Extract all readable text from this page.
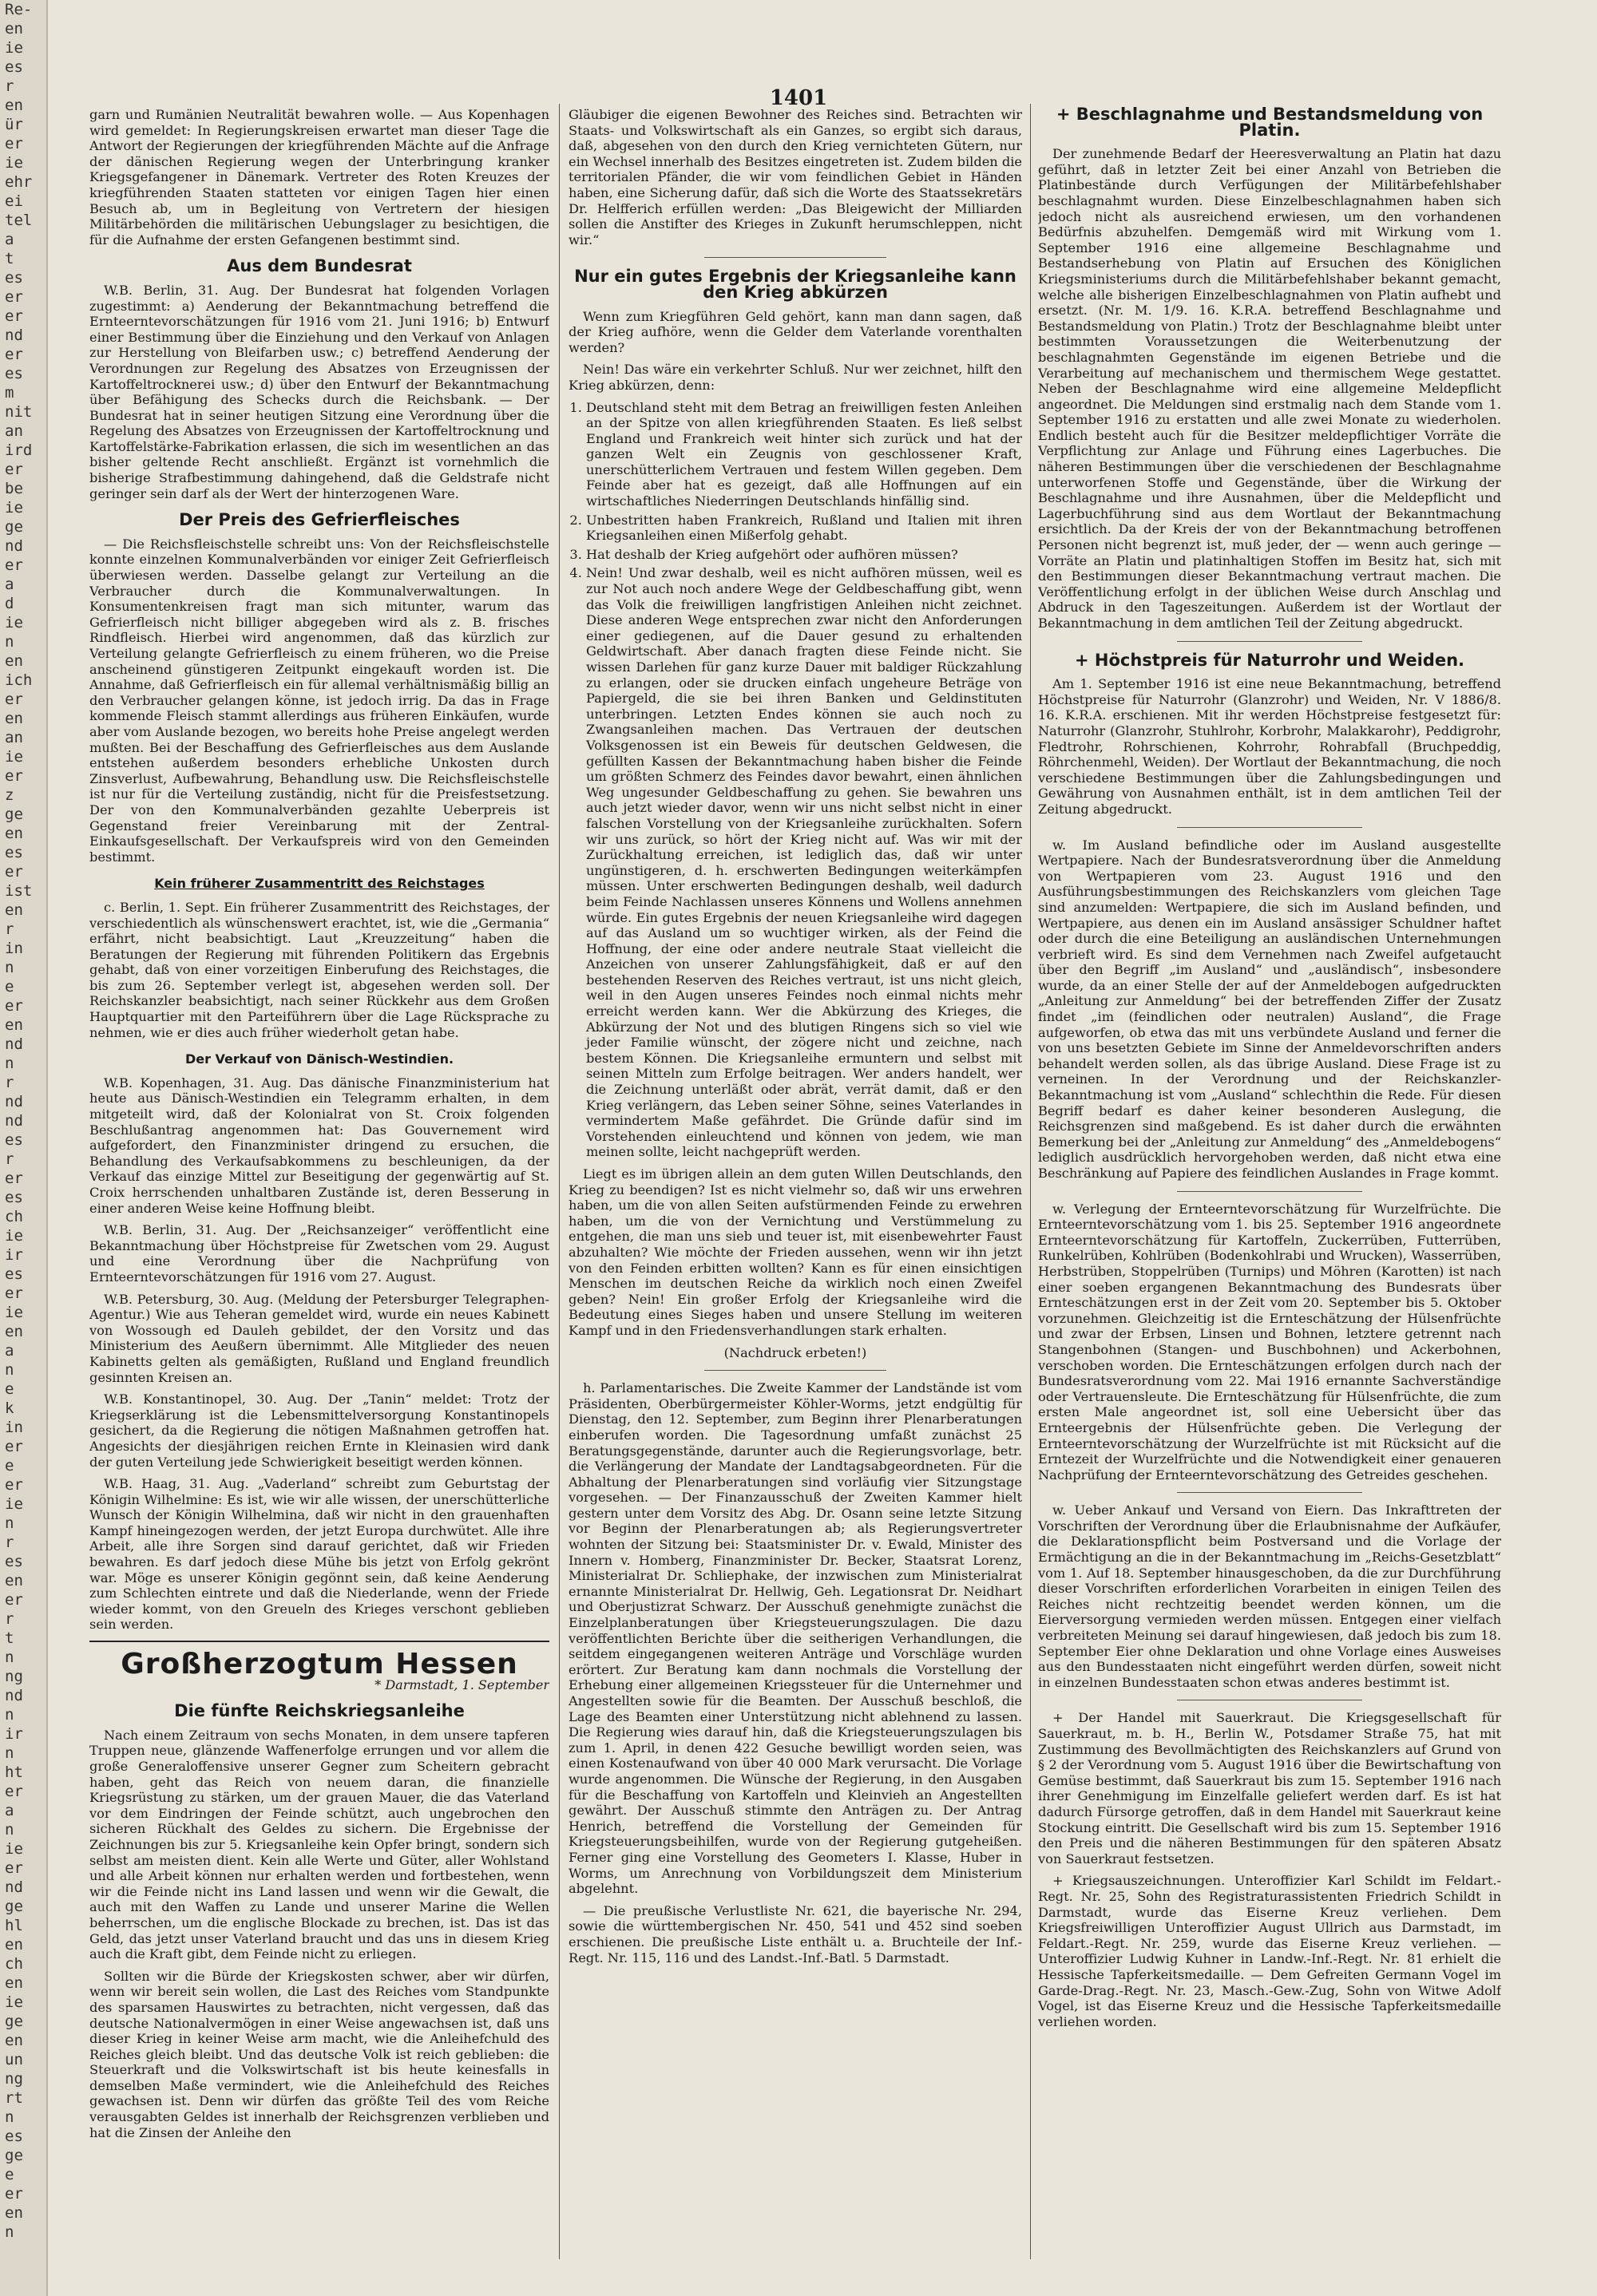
Re-
en
ie
es
r
en
ür
er
ie
ehr
ei
tel
a
t
es
er
er
nd
er
es
m
nit
an
ird
er
be
ie
ge
nd
er
a
d
ie
n
en
ich
er
en
an
ie
er
z
ge
en
es
er
ist
en
r
in
n
e
er
en
nd
n
r
nd
nd
es
r
er
es
ch
ie
ir
es
er
ie
en
a
n
e
k
in
er
e
er
ie
n
r
es
en
er
r
t
n
ng
nd
n
ir
n
ht
er
a
n
ie
er
nd
ge
hl
en
ch
en
ie
ge
en
un
ng
rt
n
es
ge
e
er
en
n
1401

garn und Rumänien Neutralität bewahren wolle. — Aus Kopenhagen wird gemeldet: In Regierungskreisen erwartet man dieser Tage die Antwort der Regierungen der kriegführenden Mächte auf die Anfrage der dänischen Regierung wegen der Unterbringung kranker Kriegsgefangener in Dänemark. Vertreter des Roten Kreuzes der kriegführenden Staaten statteten vor einigen Tagen hier einen Besuch ab, um in Begleitung von Vertretern der hiesigen Militärbehörden die militärischen Uebungslager zu besichtigen, die für die Aufnahme der ersten Gefangenen bestimmt sind.

Aus dem Bundesrat

W.B. Berlin, 31. Aug. Der Bundesrat hat folgenden Vorlagen zugestimmt: a) Aenderung der Bekanntmachung betreffend die Ernteerntevorschätzungen für 1916 vom 21. Juni 1916; b) Entwurf einer Bestimmung über die Einziehung und den Verkauf von Anlagen zur Herstellung von Bleifarben usw.; c) betreffend Aenderung der Verordnungen zur Regelung des Absatzes von Erzeugnissen der Kartoffeltrocknerei usw.; d) über den Entwurf der Bekanntmachung über Befähigung des Schecks durch die Reichsbank. — Der Bundesrat hat in seiner heutigen Sitzung eine Verordnung über die Regelung des Absatzes von Erzeugnissen der Kartoffeltrocknung und Kartoffelstärke-Fabrikation erlassen, die sich im wesentlichen an das bisher geltende Recht anschließt. Ergänzt ist vornehmlich die bisherige Strafbestimmung dahingehend, daß die Geldstrafe nicht geringer sein darf als der Wert der hinterzogenen Ware.

Der Preis des Gefrierfleisches

— Die Reichsfleischstelle schreibt uns: Von der Reichsfleischstelle konnte einzelnen Kommunalverbänden vor einiger Zeit Gefrierfleisch überwiesen werden. Dasselbe gelangt zur Verteilung an die Verbraucher durch die Kommunalverwaltungen. In Konsumentenkreisen fragt man sich mitunter, warum das Gefrierfleisch nicht billiger abgegeben wird als z. B. frisches Rindfleisch. Hierbei wird angenommen, daß das kürzlich zur Verteilung gelangte Gefrierfleisch zu einem früheren, wo die Preise anscheinend günstigeren Zeitpunkt eingekauft worden ist. Die Annahme, daß Gefrierfleisch ein für allemal verhältnismäßig billig an den Verbraucher gelangen könne, ist jedoch irrig. Da das in Frage kommende Fleisch stammt allerdings aus früheren Einkäufen, wurde aber vom Auslande bezogen, wo bereits hohe Preise angelegt werden mußten. Bei der Beschaffung des Gefrierfleisches aus dem Auslande entstehen außerdem besonders erhebliche Unkosten durch Zinsverlust, Aufbewahrung, Behandlung usw. Die Reichsfleischstelle ist nur für die Verteilung zuständig, nicht für die Preisfestsetzung. Der von den Kommunalverbänden gezahlte Ueberpreis ist Gegenstand freier Vereinbarung mit der Zentral-Einkaufsgesellschaft. Der Verkaufspreis wird von den Gemeinden bestimmt.

Kein früherer Zusammentritt des Reichstages

c. Berlin, 1. Sept. Ein früherer Zusammentritt des Reichstages, der verschiedentlich als wünschenswert erachtet, ist, wie die „Germania“ erfährt, nicht beabsichtigt. Laut „Kreuzzeitung“ haben die Beratungen der Regierung mit führenden Politikern das Ergebnis gehabt, daß von einer vorzeitigen Einberufung des Reichstages, die bis zum 26. September verlegt ist, abgesehen werden soll. Der Reichskanzler beabsichtigt, nach seiner Rückkehr aus dem Großen Hauptquartier mit den Parteiführern über die Lage Rücksprache zu nehmen, wie er dies auch früher wiederholt getan habe.

Der Verkauf von Dänisch-Westindien.

W.B. Kopenhagen, 31. Aug. Das dänische Finanzministerium hat heute aus Dänisch-Westindien ein Telegramm erhalten, in dem mitgeteilt wird, daß der Kolonialrat von St. Croix folgenden Beschlußantrag angenommen hat: Das Gouvernement wird aufgefordert, den Finanzminister dringend zu ersuchen, die Behandlung des Verkaufsabkommens zu beschleunigen, da der Verkauf das einzige Mittel zur Beseitigung der gegenwärtig auf St. Croix herrschenden unhaltbaren Zustände ist, deren Besserung in einer anderen Weise keine Hoffnung bleibt.

W.B. Berlin, 31. Aug. Der „Reichsanzeiger“ veröffentlicht eine Bekanntmachung über Höchstpreise für Zwetschen vom 29. August und eine Verordnung über die Nachprüfung von Ernteerntevorschätzungen für 1916 vom 27. August.

W.B. Petersburg, 30. Aug. (Meldung der Petersburger Telegraphen-Agentur.) Wie aus Teheran gemeldet wird, wurde ein neues Kabinett von Wossough ed Dauleh gebildet, der den Vorsitz und das Ministerium des Aeußern übernimmt. Alle Mitglieder des neuen Kabinetts gelten als gemäßigten, Rußland und England freundlich gesinnten Kreisen an.

W.B. Konstantinopel, 30. Aug. Der „Tanin“ meldet: Trotz der Kriegserklärung ist die Lebensmittelversorgung Konstantinopels gesichert, da die Regierung die nötigen Maßnahmen getroffen hat. Angesichts der diesjährigen reichen Ernte in Kleinasien wird dank der guten Verteilung jede Schwierigkeit beseitigt werden können.

W.B. Haag, 31. Aug. „Vaderland“ schreibt zum Geburtstag der Königin Wilhelmine: Es ist, wie wir alle wissen, der unerschütterliche Wunsch der Königin Wilhelmina, daß wir nicht in den grauenhaften Kampf hineingezogen werden, der jetzt Europa durchwütet. Alle ihre Arbeit, alle ihre Sorgen sind darauf gerichtet, daß wir Frieden bewahren. Es darf jedoch diese Mühe bis jetzt von Erfolg gekrönt war. Möge es unserer Königin gegönnt sein, daß keine Aenderung zum Schlechten eintrete und daß die Niederlande, wenn der Friede wieder kommt, von den Greueln des Krieges verschont geblieben sein werden.

Großherzogtum Hessen
* Darmstadt, 1. September
Die fünfte Reichskriegsanleihe

Nach einem Zeitraum von sechs Monaten, in dem unsere tapferen Truppen neue, glänzende Waffenerfolge errungen und vor allem die große Generaloffensive unserer Gegner zum Scheitern gebracht haben, geht das Reich von neuem daran, die finanzielle Kriegsrüstung zu stärken, um der grauen Mauer, die das Vaterland vor dem Eindringen der Feinde schützt, auch ungebrochen den sicheren Rückhalt des Geldes zu sichern. Die Ergebnisse der Zeichnungen bis zur 5. Kriegsanleihe kein Opfer bringt, sondern sich selbst am meisten dient. Kein alle Werte und Güter, aller Wohlstand und alle Arbeit können nur erhalten werden und fortbestehen, wenn wir die Feinde nicht ins Land lassen und wenn wir die Gewalt, die auch mit den Waffen zu Lande und unserer Marine die Wellen beherrschen, um die englische Blockade zu brechen, ist. Das ist das Geld, das jetzt unser Vaterland braucht und das uns in diesem Krieg auch die Kraft gibt, dem Feinde nicht zu erliegen.

Sollten wir die Bürde der Kriegskosten schwer, aber wir dürfen, wenn wir bereit sein wollen, die Last des Reiches vom Standpunkte des sparsamen Hauswirtes zu betrachten, nicht vergessen, daß das deutsche Nationalvermögen in einer Weise angewachsen ist, daß uns dieser Krieg in keiner Weise arm macht, wie die Anleihefchuld des Reiches gleich bleibt. Und das deutsche Volk ist reich geblieben: die Steuerkraft und die Volkswirtschaft ist bis heute keinesfalls in demselben Maße vermindert, wie die Anleihefchuld des Reiches gewachsen ist. Denn wir dürfen das größte Teil des vom Reiche verausgabten Geldes ist innerhalb der Reichsgrenzen verblieben und hat die Zinsen der Anleihe den

Gläubiger die eigenen Bewohner des Reiches sind. Betrachten wir Staats- und Volkswirtschaft als ein Ganzes, so ergibt sich daraus, daß, abgesehen von den durch den Krieg vernichteten Gütern, nur ein Wechsel innerhalb des Besitzes eingetreten ist. Zudem bilden die territorialen Pfänder, die wir vom feindlichen Gebiet in Händen haben, eine Sicherung dafür, daß sich die Worte des Staatssekretärs Dr. Helfferich erfüllen werden: „Das Bleigewicht der Milliarden sollen die Anstifter des Krieges in Zukunft herumschleppen, nicht wir.“

Nur ein gutes Ergebnis der Kriegsanleihe kann den Krieg abkürzen

Wenn zum Kriegführen Geld gehört, kann man dann sagen, daß der Krieg aufhöre, wenn die Gelder dem Vaterlande vorenthalten werden?

Nein! Das wäre ein verkehrter Schluß. Nur wer zeichnet, hilft den Krieg abkürzen, denn:

1. Deutschland steht mit dem Betrag an freiwilligen festen Anleihen an der Spitze von allen kriegführenden Staaten. Es ließ selbst England und Frankreich weit hinter sich zurück und hat der ganzen Welt ein Zeugnis von geschlossener Kraft, unerschütterlichem Vertrauen und festem Willen gegeben. Dem Feinde aber hat es gezeigt, daß alle Hoffnungen auf ein wirtschaftliches Niederringen Deutschlands hinfällig sind.
2. Unbestritten haben Frankreich, Rußland und Italien mit ihren Kriegsanleihen einen Mißerfolg gehabt.
3. Hat deshalb der Krieg aufgehört oder aufhören müssen?
4. Nein! Und zwar deshalb, weil es nicht aufhören müssen, weil es zur Not auch noch andere Wege der Geldbeschaffung gibt, wenn das Volk die freiwilligen langfristigen Anleihen nicht zeichnet. Diese anderen Wege entsprechen zwar nicht den Anforderungen einer gediegenen, auf die Dauer gesund zu erhaltenden Geldwirtschaft. Aber danach fragten diese Feinde nicht. Sie wissen Darlehen für ganz kurze Dauer mit baldiger Rückzahlung zu erlangen, oder sie drucken einfach ungeheure Beträge von Papiergeld, die sie bei ihren Banken und Geldinstituten unterbringen. Letzten Endes können sie auch noch zu Zwangsanleihen machen. Das Vertrauen der deutschen Volksgenossen ist ein Beweis für deutschen Geldwesen, die gefüllten Kassen der Bekanntmachung haben bisher die Feinde um größten Schmerz des Feindes davor bewahrt, einen ähnlichen Weg ungesunder Geldbeschaffung zu gehen. Sie bewahren uns auch jetzt wieder davor, wenn wir uns nicht selbst nicht in einer falschen Vorstellung von der Kriegsanleihe zurückhalten. Sofern wir uns zurück, so hört der Krieg nicht auf. Was wir mit der Zurückhaltung erreichen, ist lediglich das, daß wir unter ungünstigeren, d. h. erschwerten Bedingungen weiterkämpfen müssen. Unter erschwerten Bedingungen deshalb, weil dadurch beim Feinde Nachlassen unseres Könnens und Wollens annehmen würde. Ein gutes Ergebnis der neuen Kriegsanleihe wird dagegen auf das Ausland um so wuchtiger wirken, als der Feind die Hoffnung, der eine oder andere neutrale Staat vielleicht die Anzeichen von unserer Zahlungsfähigkeit, daß er auf den bestehenden Reserven des Reiches vertraut, ist uns nicht gleich, weil in den Augen unseres Feindes noch einmal nichts mehr erreicht werden kann. Wer die Abkürzung des Krieges, die Abkürzung der Not und des blutigen Ringens sich so viel wie jeder Familie wünscht, der zögere nicht und zeichne, nach bestem Können. Die Kriegsanleihe ermuntern und selbst mit seinen Mitteln zum Erfolge beitragen. Wer anders handelt, wer die Zeichnung unterläßt oder abrät, verrät damit, daß er den Krieg verlängern, das Leben seiner Söhne, seines Vaterlandes in vermindertem Maße gefährdet. Die Gründe dafür sind im Vorstehenden einleuchtend und können von jedem, wie man meinen sollte, leicht nachgeprüft werden.

Liegt es im übrigen allein an dem guten Willen Deutschlands, den Krieg zu beendigen? Ist es nicht vielmehr so, daß wir uns erwehren haben, um die von allen Seiten aufstürmenden Feinde zu erwehren haben, um die von der Vernichtung und Verstümmelung zu entgehen, die man uns sieb und teuer ist, mit eisenbewehrter Faust abzuhalten? Wie möchte der Frieden aussehen, wenn wir ihn jetzt von den Feinden erbitten wollten? Kann es für einen einsichtigen Menschen im deutschen Reiche da wirklich noch einen Zweifel geben? Nein! Ein großer Erfolg der Kriegsanleihe wird die Bedeutung eines Sieges haben und unsere Stellung im weiteren Kampf und in den Friedensverhandlungen stark erhalten.

(Nachdruck erbeten!)

h. Parlamentarisches. Die Zweite Kammer der Landstände ist vom Präsidenten, Oberbürgermeister Köhler-Worms, jetzt endgültig für Dienstag, den 12. September, zum Beginn ihrer Plenarberatungen einberufen worden. Die Tagesordnung umfaßt zunächst 25 Beratungsgegenstände, darunter auch die Regierungsvorlage, betr. die Verlängerung der Mandate der Landtagsabgeordneten. Für die Abhaltung der Plenarberatungen sind vorläufig vier Sitzungstage vorgesehen. — Der Finanzausschuß der Zweiten Kammer hielt gestern unter dem Vorsitz des Abg. Dr. Osann seine letzte Sitzung vor Beginn der Plenarberatungen ab; als Regierungsvertreter wohnten der Sitzung bei: Staatsminister Dr. v. Ewald, Minister des Innern v. Homberg, Finanzminister Dr. Becker, Staatsrat Lorenz, Ministerialrat Dr. Schliephake, der inzwischen zum Ministerialrat ernannte Ministerialrat Dr. Hellwig, Geh. Legationsrat Dr. Neidhart und Oberjustizrat Schwarz. Der Ausschuß genehmigte zunächst die Einzelplanberatungen über Kriegsteuerungszulagen. Die dazu veröffentlichten Berichte über die seitherigen Verhandlungen, die seitdem eingegangenen weiteren Anträge und Vorschläge wurden erörtert. Zur Beratung kam dann nochmals die Vorstellung der Erhebung einer allgemeinen Kriegssteuer für die Unternehmer und Angestellten sowie für die Beamten. Der Ausschuß beschloß, die Lage des Beamten einer Unterstützung nicht ablehnend zu lassen. Die Regierung wies darauf hin, daß die Kriegsteuerungszulagen bis zum 1. April, in denen 422 Gesuche bewilligt worden seien, was einen Kostenaufwand von über 40 000 Mark verursacht. Die Vorlage wurde angenommen. Die Wünsche der Regierung, in den Ausgaben für die Beschaffung von Kartoffeln und Kleinvieh an Angestellten gewährt. Der Ausschuß stimmte den Anträgen zu. Der Antrag Henrich, betreffend die Vorstellung der Gemeinden für Kriegsteuerungsbeihilfen, wurde von der Regierung gutgeheißen. Ferner ging eine Vorstellung des Geometers I. Klasse, Huber in Worms, um Anrechnung von Vorbildungszeit dem Ministerium abgelehnt.

— Die preußische Verlustliste Nr. 621, die bayerische Nr. 294, sowie die württembergischen Nr. 450, 541 und 452 sind soeben erschienen. Die preußische Liste enthält u. a. Bruchteile der Inf.-Regt. Nr. 115, 116 und des Landst.-Inf.-Batl. 5 Darmstadt.

+ Beschlagnahme und Bestandsmeldung von Platin.

Der zunehmende Bedarf der Heeresverwaltung an Platin hat dazu geführt, daß in letzter Zeit bei einer Anzahl von Betrieben die Platinbestände durch Verfügungen der Militärbefehlshaber beschlagnahmt wurden. Diese Einzelbeschlagnahmen haben sich jedoch nicht als ausreichend erwiesen, um den vorhandenen Bedürfnis abzuhelfen. Demgemäß wird mit Wirkung vom 1. September 1916 eine allgemeine Beschlagnahme und Bestandserhebung von Platin auf Ersuchen des Königlichen Kriegsministeriums durch die Militärbefehlshaber bekannt gemacht, welche alle bisherigen Einzelbeschlagnahmen von Platin aufhebt und ersetzt. (Nr. M. 1/9. 16. K.R.A. betreffend Beschlagnahme und Bestandsmeldung von Platin.) Trotz der Beschlagnahme bleibt unter bestimmten Voraussetzungen die Weiterbenutzung der beschlagnahmten Gegenstände im eigenen Betriebe und die Verarbeitung auf mechanischem und thermischem Wege gestattet. Neben der Beschlagnahme wird eine allgemeine Meldepflicht angeordnet. Die Meldungen sind erstmalig nach dem Stande vom 1. September 1916 zu erstatten und alle zwei Monate zu wiederholen. Endlich besteht auch für die Besitzer meldepflichtiger Vorräte die Verpflichtung zur Anlage und Führung eines Lagerbuches. Die näheren Bestimmungen über die verschiedenen der Beschlagnahme unterworfenen Stoffe und Gegenstände, über die Wirkung der Beschlagnahme und ihre Ausnahmen, über die Meldepflicht und Lagerbuchführung sind aus dem Wortlaut der Bekanntmachung ersichtlich. Da der Kreis der von der Bekanntmachung betroffenen Personen nicht begrenzt ist, muß jeder, der — wenn auch geringe — Vorräte an Platin und platinhaltigen Stoffen im Besitz hat, sich mit den Bestimmungen dieser Bekanntmachung vertraut machen. Die Veröffentlichung erfolgt in der üblichen Weise durch Anschlag und Abdruck in den Tageszeitungen. Außerdem ist der Wortlaut der Bekanntmachung in dem amtlichen Teil der Zeitung abgedruckt.

+ Höchstpreis für Naturrohr und Weiden.

Am 1. September 1916 ist eine neue Bekanntmachung, betreffend Höchstpreise für Naturrohr (Glanzrohr) und Weiden, Nr. V 1886/8. 16. K.R.A. erschienen. Mit ihr werden Höchstpreise festgesetzt für: Naturrohr (Glanzrohr, Stuhlrohr, Korbrohr, Malakkarohr), Peddigrohr, Fledtrohr, Rohrschienen, Kohrrohr, Rohrabfall (Bruchpeddig, Röhrchenmehl, Weiden). Der Wortlaut der Bekanntmachung, die noch verschiedene Bestimmungen über die Zahlungsbedingungen und Gewährung von Ausnahmen enthält, ist in dem amtlichen Teil der Zeitung abgedruckt.

w. Im Ausland befindliche oder im Ausland ausgestellte Wertpapiere. Nach der Bundesratsverordnung über die Anmeldung von Wertpapieren vom 23. August 1916 und den Ausführungsbestimmungen des Reichskanzlers vom gleichen Tage sind anzumelden: Wertpapiere, die sich im Ausland befinden, und Wertpapiere, aus denen ein im Ausland ansässiger Schuldner haftet oder durch die eine Beteiligung an ausländischen Unternehmungen verbrieft wird. Es sind dem Vernehmen nach Zweifel aufgetaucht über den Begriff „im Ausland“ und „ausländisch“, insbesondere wurde, da an einer Stelle der auf der Anmeldebogen aufgedruckten „Anleitung zur Anmeldung“ bei der betreffenden Ziffer der Zusatz findet „im (feindlichen oder neutralen) Ausland“, die Frage aufgeworfen, ob etwa das mit uns verbündete Ausland und ferner die von uns besetzten Gebiete im Sinne der Anmeldevorschriften anders behandelt werden sollen, als das übrige Ausland. Diese Frage ist zu verneinen. In der Verordnung und der Reichskanzler-Bekanntmachung ist vom „Ausland“ schlechthin die Rede. Für diesen Begriff bedarf es daher keiner besonderen Auslegung, die Reichsgrenzen sind maßgebend. Es ist daher durch die erwähnten Bemerkung bei der „Anleitung zur Anmeldung“ des „Anmeldebogens“ lediglich ausdrücklich hervorgehoben werden, daß nicht etwa eine Beschränkung auf Papiere des feindlichen Auslandes in Frage kommt.

w. Verlegung der Ernteerntevorschätzung für Wurzelfrüchte. Die Ernteerntevorschätzung vom 1. bis 25. September 1916 angeordnete Ernteerntevorschätzung für Kartoffeln, Zuckerrüben, Futterrüben, Runkelrüben, Kohlrüben (Bodenkohlrabi und Wrucken), Wasserrüben, Herbstrüben, Stoppelrüben (Turnips) und Möhren (Karotten) ist nach einer soeben ergangenen Bekanntmachung des Bundesrats über Ernteschätzungen erst in der Zeit vom 20. September bis 5. Oktober vorzunehmen. Gleichzeitig ist die Ernteschätzung der Hülsenfrüchte und zwar der Erbsen, Linsen und Bohnen, letztere getrennt nach Stangenbohnen (Stangen- und Buschbohnen) und Ackerbohnen, verschoben worden. Die Ernteschätzungen erfolgen durch nach der Bundesratsverordnung vom 22. Mai 1916 ernannte Sachverständige oder Vertrauensleute. Die Ernteschätzung für Hülsenfrüchte, die zum ersten Male angeordnet ist, soll eine Uebersicht über das Ernteergebnis der Hülsenfrüchte geben. Die Verlegung der Ernteerntevorschätzung der Wurzelfrüchte ist mit Rücksicht auf die Erntezeit der Wurzelfrüchte und die Notwendigkeit einer genaueren Nachprüfung der Ernteerntevorschätzung des Getreides geschehen.

w. Ueber Ankauf und Versand von Eiern. Das Inkrafttreten der Vorschriften der Verordnung über die Erlaubnisnahme der Aufkäufer, die Deklarationspflicht beim Postversand und die Vorlage der Ermächtigung an die in der Bekanntmachung im „Reichs-Gesetzblatt“ vom 1. Auf 18. September hinausgeschoben, da die zur Durchführung dieser Vorschriften erforderlichen Vorarbeiten in einigen Teilen des Reiches nicht rechtzeitig beendet werden können, um die Eierversorgung vermieden werden müssen. Entgegen einer vielfach verbreiteten Meinung sei darauf hingewiesen, daß jedoch bis zum 18. September Eier ohne Deklaration und ohne Vorlage eines Ausweises aus den Bundesstaaten nicht eingeführt werden dürfen, soweit nicht in einzelnen Bundesstaaten schon etwas anderes bestimmt ist.

+ Der Handel mit Sauerkraut. Die Kriegsgesellschaft für Sauerkraut, m. b. H., Berlin W., Potsdamer Straße 75, hat mit Zustimmung des Bevollmächtigten des Reichskanzlers auf Grund von § 2 der Verordnung vom 5. August 1916 über die Bewirtschaftung von Gemüse bestimmt, daß Sauerkraut bis zum 15. September 1916 nach ihrer Genehmigung im Einzelfalle geliefert werden darf. Es ist hat dadurch Fürsorge getroffen, daß in dem Handel mit Sauerkraut keine Stockung eintritt. Die Gesellschaft wird bis zum 15. September 1916 den Preis und die näheren Bestimmungen für den späteren Absatz von Sauerkraut festsetzen.

+ Kriegsauszeichnungen. Unteroffizier Karl Schildt im Feldart.-Regt. Nr. 25, Sohn des Registraturassistenten Friedrich Schildt in Darmstadt, wurde das Eiserne Kreuz verliehen. Dem Kriegsfreiwilligen Unteroffizier August Ullrich aus Darmstadt, im Feldart.-Regt. Nr. 259, wurde das Eiserne Kreuz verliehen. — Unteroffizier Ludwig Kuhner in Landw.-Inf.-Regt. Nr. 81 erhielt die Hessische Tapferkeitsmedaille. — Dem Gefreiten Germann Vogel im Garde-Drag.-Regt. Nr. 23, Masch.-Gew.-Zug, Sohn von Witwe Adolf Vogel, ist das Eiserne Kreuz und die Hessische Tapferkeitsmedaille verliehen worden.
